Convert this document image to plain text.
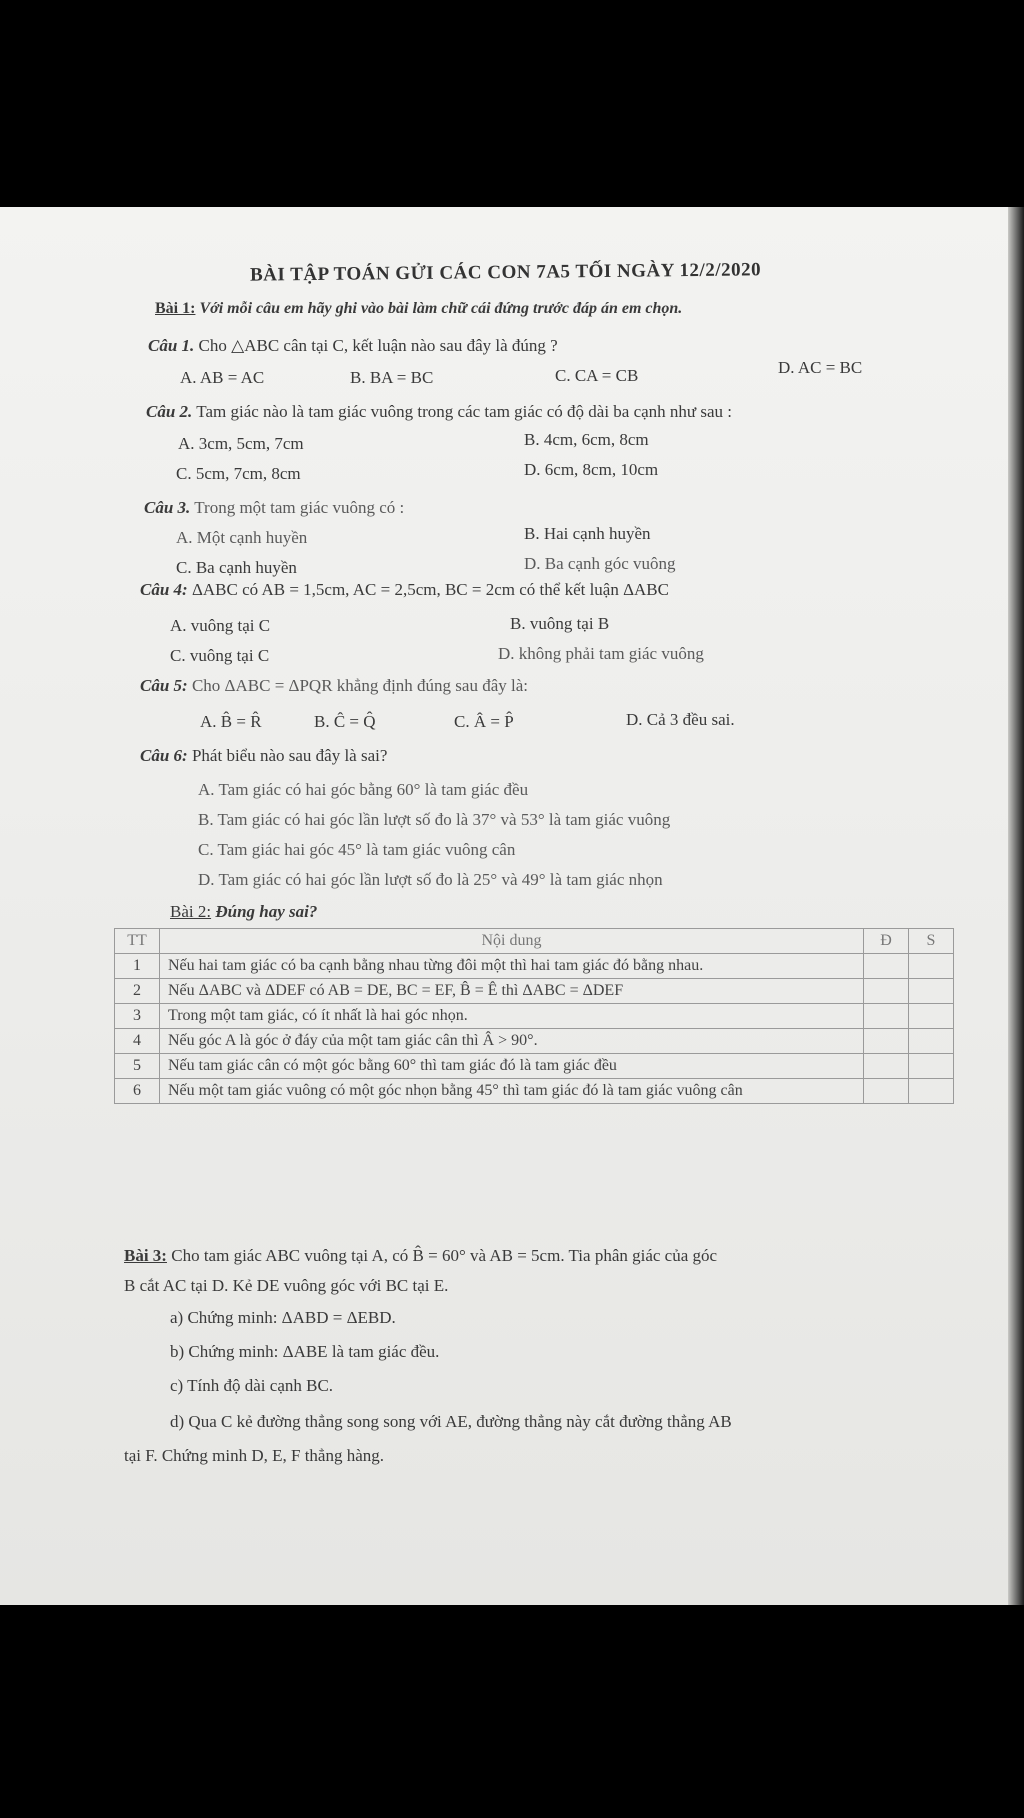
BÀI TẬP TOÁN GỬI CÁC CON 7A5 TỐI NGÀY 12/2/2020
Bài 1: Với mỗi câu em hãy ghi vào bài làm chữ cái đứng trước đáp án em chọn.
Câu 1. Cho △ABC cân tại C, kết luận nào sau đây là đúng ?
A. AB = AC	B. BA = BC	C. CA = CB	D. AC = BC
Câu 2. Tam giác nào là tam giác vuông trong các tam giác có độ dài ba cạnh như sau :
A. 3cm, 5cm, 7cm	B. 4cm, 6cm, 8cm
C. 5cm, 7cm, 8cm	D. 6cm, 8cm, 10cm
Câu 3. Trong một tam giác vuông có :
A. Một cạnh huyền	B. Hai cạnh huyền
C. Ba cạnh huyền	D. Ba cạnh góc vuông
Câu 4: ΔABC có AB = 1,5cm, AC = 2,5cm, BC = 2cm có thể kết luận ΔABC
A. vuông tại C	B. vuông tại B
C. vuông tại C	D. không phải tam giác vuông
Câu 5: Cho ΔABC = ΔPQR khẳng định đúng sau đây là:
A. B̂ = R̂	B. Ĉ = Q̂	C. Â = P̂	D. Cả 3 đều sai.
Câu 6: Phát biểu nào sau đây là sai?
A. Tam giác có hai góc bằng 60° là tam giác đều
B. Tam giác có hai góc lần lượt số đo là 37° và 53° là tam giác vuông
C. Tam giác hai góc 45° là tam giác vuông cân
D. Tam giác có hai góc lần lượt số đo là 25° và 49° là tam giác nhọn
Bài 2: Đúng hay sai?
TT	Nội dung	Đ	S
1	Nếu hai tam giác có ba cạnh bằng nhau từng đôi một thì hai tam giác đó bằng nhau.		
2	Nếu ΔABC và ΔDEF có AB = DE, BC = EF, B̂ = Ê thì ΔABC = ΔDEF		
3	Trong một tam giác, có ít nhất là hai góc nhọn.		
4	Nếu góc A là góc ở đáy của một tam giác cân thì Â > 90°.		
5	Nếu tam giác cân có một góc bằng 60° thì tam giác đó là tam giác đều		
6	Nếu một tam giác vuông có một góc nhọn bằng 45° thì tam giác đó là tam giác vuông cân		
Bài 3: Cho tam giác ABC vuông tại A, có B̂ = 60° và AB = 5cm. Tia phân giác của góc
B cắt AC tại D. Kẻ DE vuông góc với BC tại E.
a) Chứng minh: ΔABD = ΔEBD.
b) Chứng minh: ΔABE là tam giác đều.
c) Tính độ dài cạnh BC.
d) Qua C kẻ đường thẳng song song với AE, đường thẳng này cắt đường thẳng AB
tại F. Chứng minh D, E, F thẳng hàng.
